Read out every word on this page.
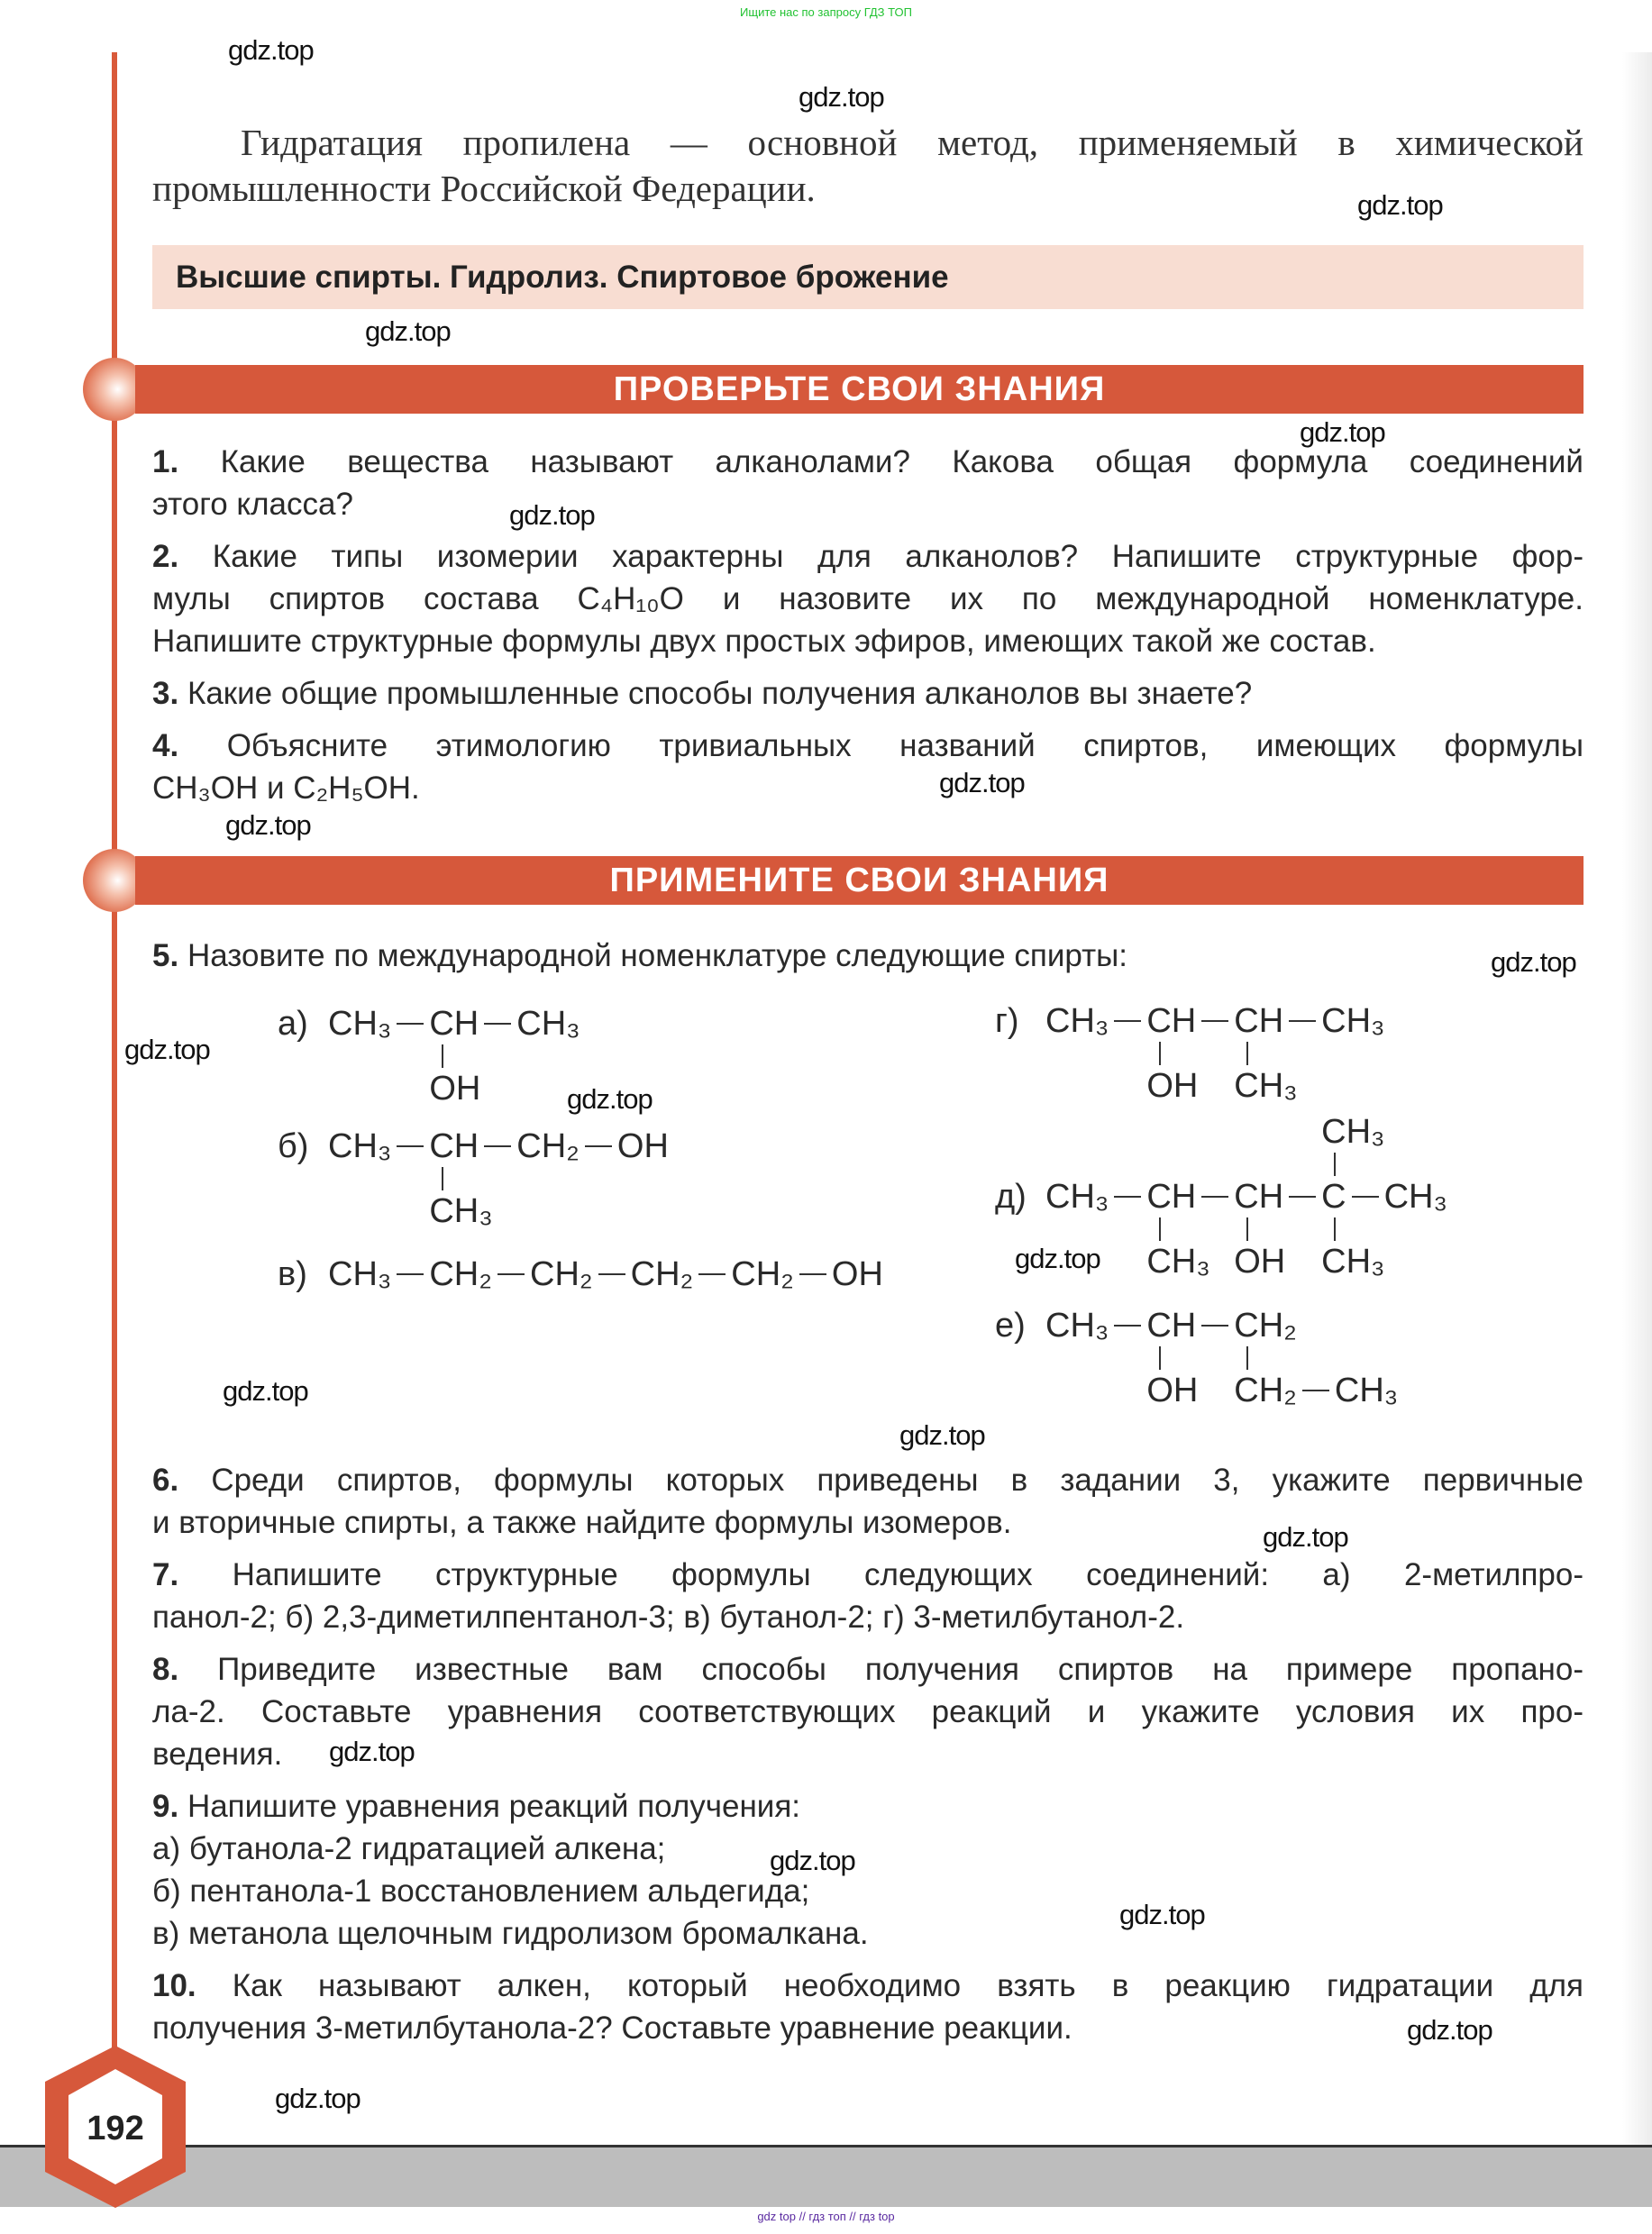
Ищите нас по запросу ГДЗ ТОП
Гидратация пропилена — основной метод, применяемый в химической
промышленности Российской Федерации.
Высшие спирты. Гидролиз. Спиртовое брожение
ПРОВЕРЬТЕ СВОИ ЗНАНИЯ
1. Какие вещества называют алканолами? Какова общая формула соединений
этого класса?
2. Какие типы изомерии характерны для алканолов? Напишите структурные фор-
мулы спиртов состава C₄H₁₀O и назовите их по международной номенклатуре.
Напишите структурные формулы двух простых эфиров, имеющих такой же состав.
3. Какие общие промышленные способы получения алканолов вы знаете?
4. Объясните этимологию тривиальных названий спиртов, имеющих формулы
CH₃OH и C₂H₅OH.
ПРИМЕНИТЕ СВОИ ЗНАНИЯ
5. Назовите по международной номенклатуре следующие спирты:
а) CH₃ CH
OH
CH₃
б) CH₃ CH
CH₃
CH₂ OH
в) CH₃ CH₂ CH₂ CH₂ CH₂ OH
г) CH₃ CH
OH
CH
CH₃
CH₃
д) CH₃ CH
CH₃
CH
OH
C
CH₃
CH₃
CH₃
е) CH₃ CH
OH
CH₂
CH₂ CH₃
6. Среди спиртов, формулы которых приведены в задании 3, укажите первичные
и вторичные спирты, а также найдите формулы изомеров.
7. Напишите структурные формулы следующих соединений: а) 2-метилпро-
панол-2; б) 2,3-диметилпентанол-3; в) бутанол-2; г) 3-метилбутанол-2.
8. Приведите известные вам способы получения спиртов на примере пропано-
ла-2. Составьте уравнения соответствующих реакций и укажите условия их про-
ведения.
9. Напишите уравнения реакций получения:
а) бутанола-2 гидратацией алкена;
б) пентанола-1 восстановлением альдегида;
в) метанола щелочным гидролизом бромалкана.
10. Как называют алкен, который необходимо взять в реакцию гидратации для
получения 3-метилбутанола-2? Составьте уравнение реакции.
192
gdz.top
gdz.top
gdz.top
gdz.top
gdz.top
gdz.top
gdz.top
gdz.top
gdz.top
gdz.top
gdz.top
gdz.top
gdz.top
gdz.top
gdz.top
gdz.top
gdz.top
gdz.top
gdz.top
gdz.top
gdz top // гдз топ // гдз top
